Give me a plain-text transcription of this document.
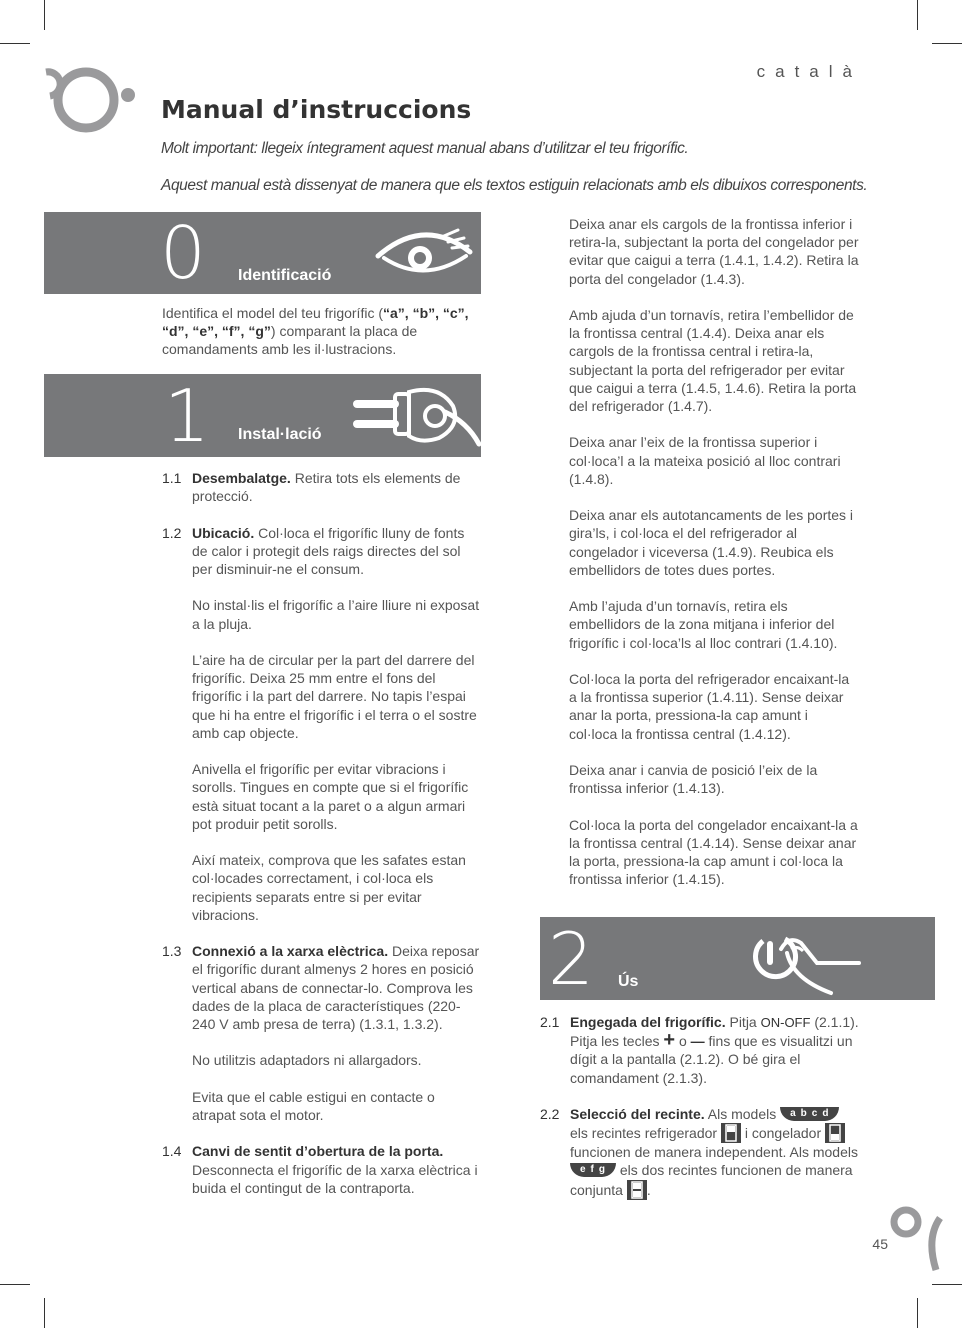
català
Manual d’instruccions

Molt important: llegeix íntegrament aquest manual abans d’utilitzar el teu frigorífic.

Aquest manual està dissenyat de manera que els textos estiguin relacionats amb els dibuixos corresponents.

0 Identificació

Identifica el model del teu frigorífic (“a”, “b”, “c”, “d”, “e”, “f”, “g”) comparant la placa de comandaments amb les il·lustracions.

1 Instal·lació
1.1 Desembalatge. Retira tots els elements de protecció.

1.2 Ubicació. Col·loca el frigorífic lluny de fonts de calor i protegit dels raigs directes del sol per disminuir-ne el consum.

No instal·lis el frigorífic a l’aire lliure ni exposat a la pluja.

L’aire ha de circular per la part del darrere del frigorífic. Deixa 25 mm entre el fons del frigorífic i la part del darrere. No tapis l’espai que hi ha entre el frigorífic i el terra o el sostre amb cap objecte.

Anivella el frigorífic per evitar vibracions i sorolls. Tingues en compte que si el frigorífic està situat tocant a la paret o a algun armari pot produir petit sorolls.

Així mateix, comprova que les safates estan col·locades correctament, i col·loca els recipients separats entre si per evitar vibracions.

1.3 Connexió a la xarxa elèctrica. Deixa reposar el frigorífic durant almenys 2 hores en posició vertical abans de connectar-lo. Comprova les dades de la placa de característiques (220-240 V amb presa de terra) (1.3.1, 1.3.2).

No utilitzis adaptadors ni allargadors.

Evita que el cable estigui en contacte o atrapat sota el motor.

1.4 Canvi de sentit d’obertura de la porta. Desconnecta el frigorífic de la xarxa elèctrica i buida el contingut de la contraporta.

Deixa anar els cargols de la frontissa inferior i retira-la, subjectant la porta del congelador per evitar que caigui a terra (1.4.1, 1.4.2). Retira la porta del congelador (1.4.3).

Amb ajuda d’un tornavís, retira l’embellidor de la frontissa central (1.4.4). Deixa anar els cargols de la frontissa central i retira-la, subjectant la porta del refrigerador per evitar que caigui a terra (1.4.5, 1.4.6). Retira la porta del refrigerador (1.4.7).

Deixa anar l’eix de la frontissa superior i col·loca’l a la mateixa posició al lloc contrari (1.4.8).

Deixa anar els autotancaments de les portes i gira’ls, i col·loca el del refrigerador al congelador i viceversa (1.4.9). Reubica els embellidors de totes dues portes.

Amb l’ajuda d’un tornavís, retira els embellidors de la zona mitjana i inferior del frigorífic i col·loca’ls al lloc contrari (1.4.10).

Col·loca la porta del refrigerador encaixant-la a la frontissa superior (1.4.11). Sense deixar anar la porta, pressiona-la cap amunt i col·loca la frontissa central (1.4.12).

Deixa anar i canvia de posició l’eix de la frontissa inferior (1.4.13).

Col·loca la porta del congelador encaixant-la a la frontissa central (1.4.14). Sense deixar anar la porta, pressiona-la cap amunt i col·loca la frontissa inferior (1.4.15).

2 Ús
2.1 Engegada del frigorífic. Pitja ON-OFF (2.1.1). Pitja les tecles + o — fins que es visualitzi un dígit a la pantalla (2.1.2). O bé gira el comandament (2.1.3).

2.2 Selecció del recinte. Als models abcd els recintes refrigerador  i congelador  funcionen de manera independent. Als models efg els dos recintes funcionen de manera conjunta .

45
